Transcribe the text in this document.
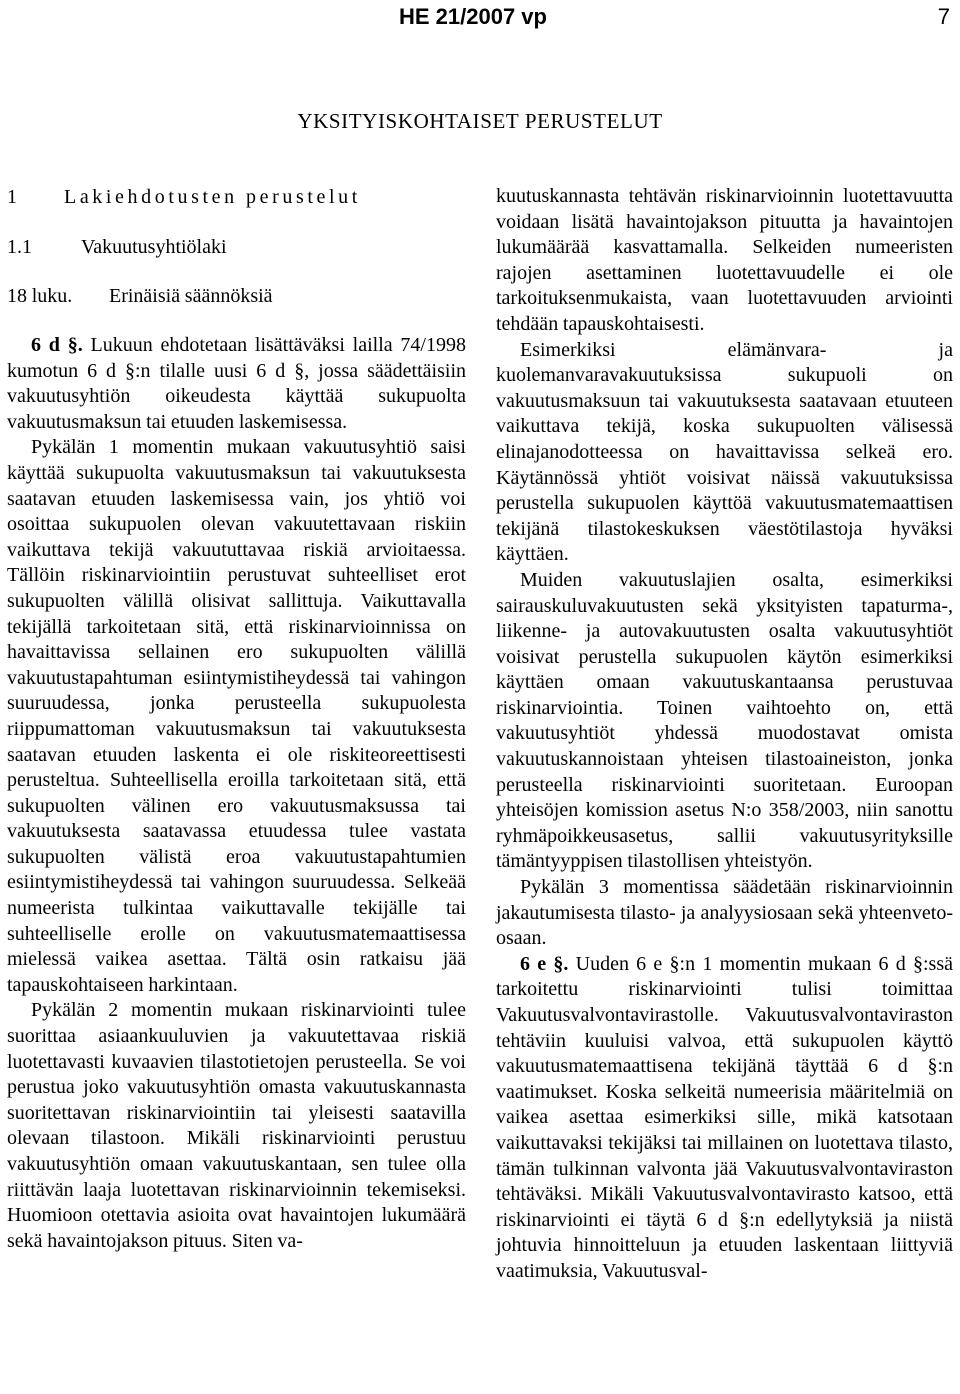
HE 21/2007 vp	7
YKSITYISKOHTAISET PERUSTELUT
1 Lakiehdotusten perustelut
1.1 Vakuutusyhtiölaki
18 luku. Erinäisiä säännöksiä

6 d §. Lukuun ehdotetaan lisättäväksi lailla 74/1998 kumotun 6 d §:n tilalle uusi 6 d §, jossa säädettäisiin vakuutusyhtiön oikeudesta käyttää sukupuolta vakuutusmaksun tai etuuden laskemisessa.

Pykälän 1 momentin mukaan vakuutusyhtiö saisi käyttää sukupuolta vakuutusmaksun tai vakuutuksesta saatavan etuuden laskemisessa vain, jos yhtiö voi osoittaa sukupuolen olevan vakuutettavaan riskiin vaikuttava tekijä vakuututtavaa riskiä arvioitaessa. Tällöin riskinarviointiin perustuvat suhteelliset erot sukupuolten välillä olisivat sallittuja. Vaikuttavalla tekijällä tarkoitetaan sitä, että riskinarvioinnissa on havaittavissa sellainen ero sukupuolten välillä vakuutustapahtuman esiintymistiheydessä tai vahingon suuruudessa, jonka perusteella sukupuolesta riippumattoman vakuutusmaksun tai vakuutuksesta saatavan etuuden laskenta ei ole riskiteoreettisesti perusteltua. Suhteellisella eroilla tarkoitetaan sitä, että sukupuolten välinen ero vakuutusmaksussa tai vakuutuksesta saatavassa etuudessa tulee vastata sukupuolten välistä eroa vakuutustapahtumien esiintymistiheydessä tai vahingon suuruudessa. Selkeää numeerista tulkintaa vaikuttavalle tekijälle tai suhteelliselle erolle on vakuutusmatemaattisessa mielessä vaikea asettaa. Tältä osin ratkaisu jää tapauskohtaiseen harkintaan.

Pykälän 2 momentin mukaan riskinarviointi tulee suorittaa asiaankuuluvien ja vakuutettavaa riskiä luotettavasti kuvaavien tilastotietojen perusteella. Se voi perustua joko vakuutusyhtiön omasta vakuutuskannasta suoritettavan riskinarviointiin tai yleisesti saatavilla olevaan tilastoon. Mikäli riskinarviointi perustuu vakuutusyhtiön omaan vakuutuskantaan, sen tulee olla riittävän laaja luotettavan riskinarvioinnin tekemiseksi. Huomioon otettavia asioita ovat havaintojen lukumäärä sekä havaintojakson pituus. Siten va-

kuutuskannasta tehtävän riskinarvioinnin luotettavuutta voidaan lisätä havaintojakson pituutta ja havaintojen lukumäärää kasvattamalla. Selkeiden numeeristen rajojen asettaminen luotettavuudelle ei ole tarkoituksenmukaista, vaan luotettavuuden arviointi tehdään tapauskohtaisesti.

Esimerkiksi elämänvara- ja kuolemanvaravakuutuksissa sukupuoli on vakuutusmaksuun tai vakuutuksesta saatavaan etuuteen vaikuttava tekijä, koska sukupuolten välisessä elinajanodotteessa on havaittavissa selkeä ero. Käytännössä yhtiöt voisivat näissä vakuutuksissa perustella sukupuolen käyttöä vakuutusmatemaattisen tekijänä tilastokeskuksen väestötilastoja hyväksi käyttäen.

Muiden vakuutuslajien osalta, esimerkiksi sairauskuluvakuutusten sekä yksityisten tapaturma-, liikenne- ja autovakuutusten osalta vakuutusyhtiöt voisivat perustella sukupuolen käytön esimerkiksi käyttäen omaan vakuutuskantaansa perustuvaa riskinarviointia. Toinen vaihtoehto on, että vakuutusyhtiöt yhdessä muodostavat omista vakuutuskannoistaan yhteisen tilastoaineiston, jonka perusteella riskinarviointi suoritetaan. Euroopan yhteisöjen komission asetus N:o 358/2003, niin sanottu ryhmäpoikkeusasetus, sallii vakuutusyrityksille tämäntyyppisen tilastollisen yhteistyön.

Pykälän 3 momentissa säädetään riskinarvioinnin jakautumisesta tilasto- ja analyysiosaan sekä yhteenveto-osaan.

6 e §. Uuden 6 e §:n 1 momentin mukaan 6 d §:ssä tarkoitettu riskinarviointi tulisi toimittaa Vakuutusvalvontavirastolle. Vakuutusvalvontaviraston tehtäviin kuuluisi valvoa, että sukupuolen käyttö vakuutusmatemaattisena tekijänä täyttää 6 d §:n vaatimukset. Koska selkeitä numeerisia määritelmiä on vaikea asettaa esimerkiksi sille, mikä katsotaan vaikuttavaksi tekijäksi tai millainen on luotettava tilasto, tämän tulkinnan valvonta jää Vakuutusvalvontaviraston tehtäväksi. Mikäli Vakuutusvalvontavirasto katsoo, että riskinarviointi ei täytä 6 d §:n edellytyksiä ja niistä johtuvia hinnoitteluun ja etuuden laskentaan liittyviä vaatimuksia, Vakuutusval-
